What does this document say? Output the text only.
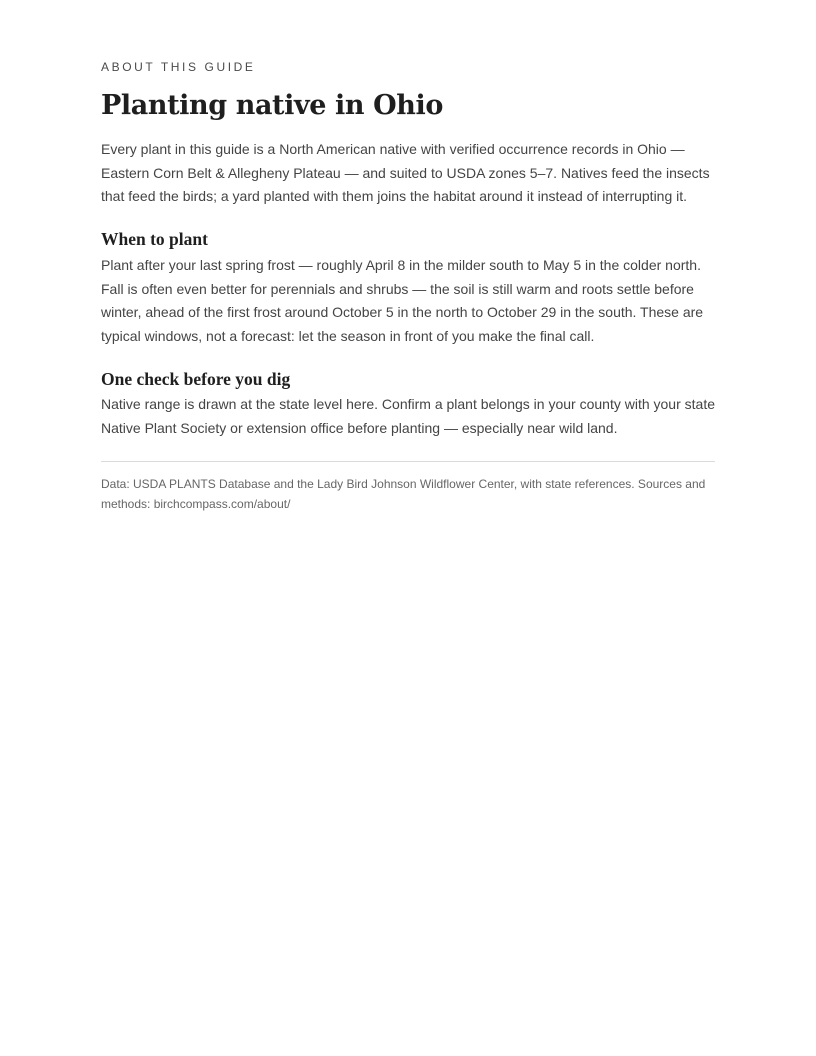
ABOUT THIS GUIDE

Planting native in Ohio

Every plant in this guide is a North American native with verified occurrence records in Ohio — Eastern Corn Belt & Allegheny Plateau — and suited to USDA zones 5–7. Natives feed the insects that feed the birds; a yard planted with them joins the habitat around it instead of interrupting it.

When to plant

Plant after your last spring frost — roughly April 8 in the milder south to May 5 in the colder north. Fall is often even better for perennials and shrubs — the soil is still warm and roots settle before winter, ahead of the first frost around October 5 in the north to October 29 in the south. These are typical windows, not a forecast: let the season in front of you make the final call.

One check before you dig

Native range is drawn at the state level here. Confirm a plant belongs in your county with your state Native Plant Society or extension office before planting — especially near wild land.

Data: USDA PLANTS Database and the Lady Bird Johnson Wildflower Center, with state references. Sources and methods: birchcompass.com/about/
